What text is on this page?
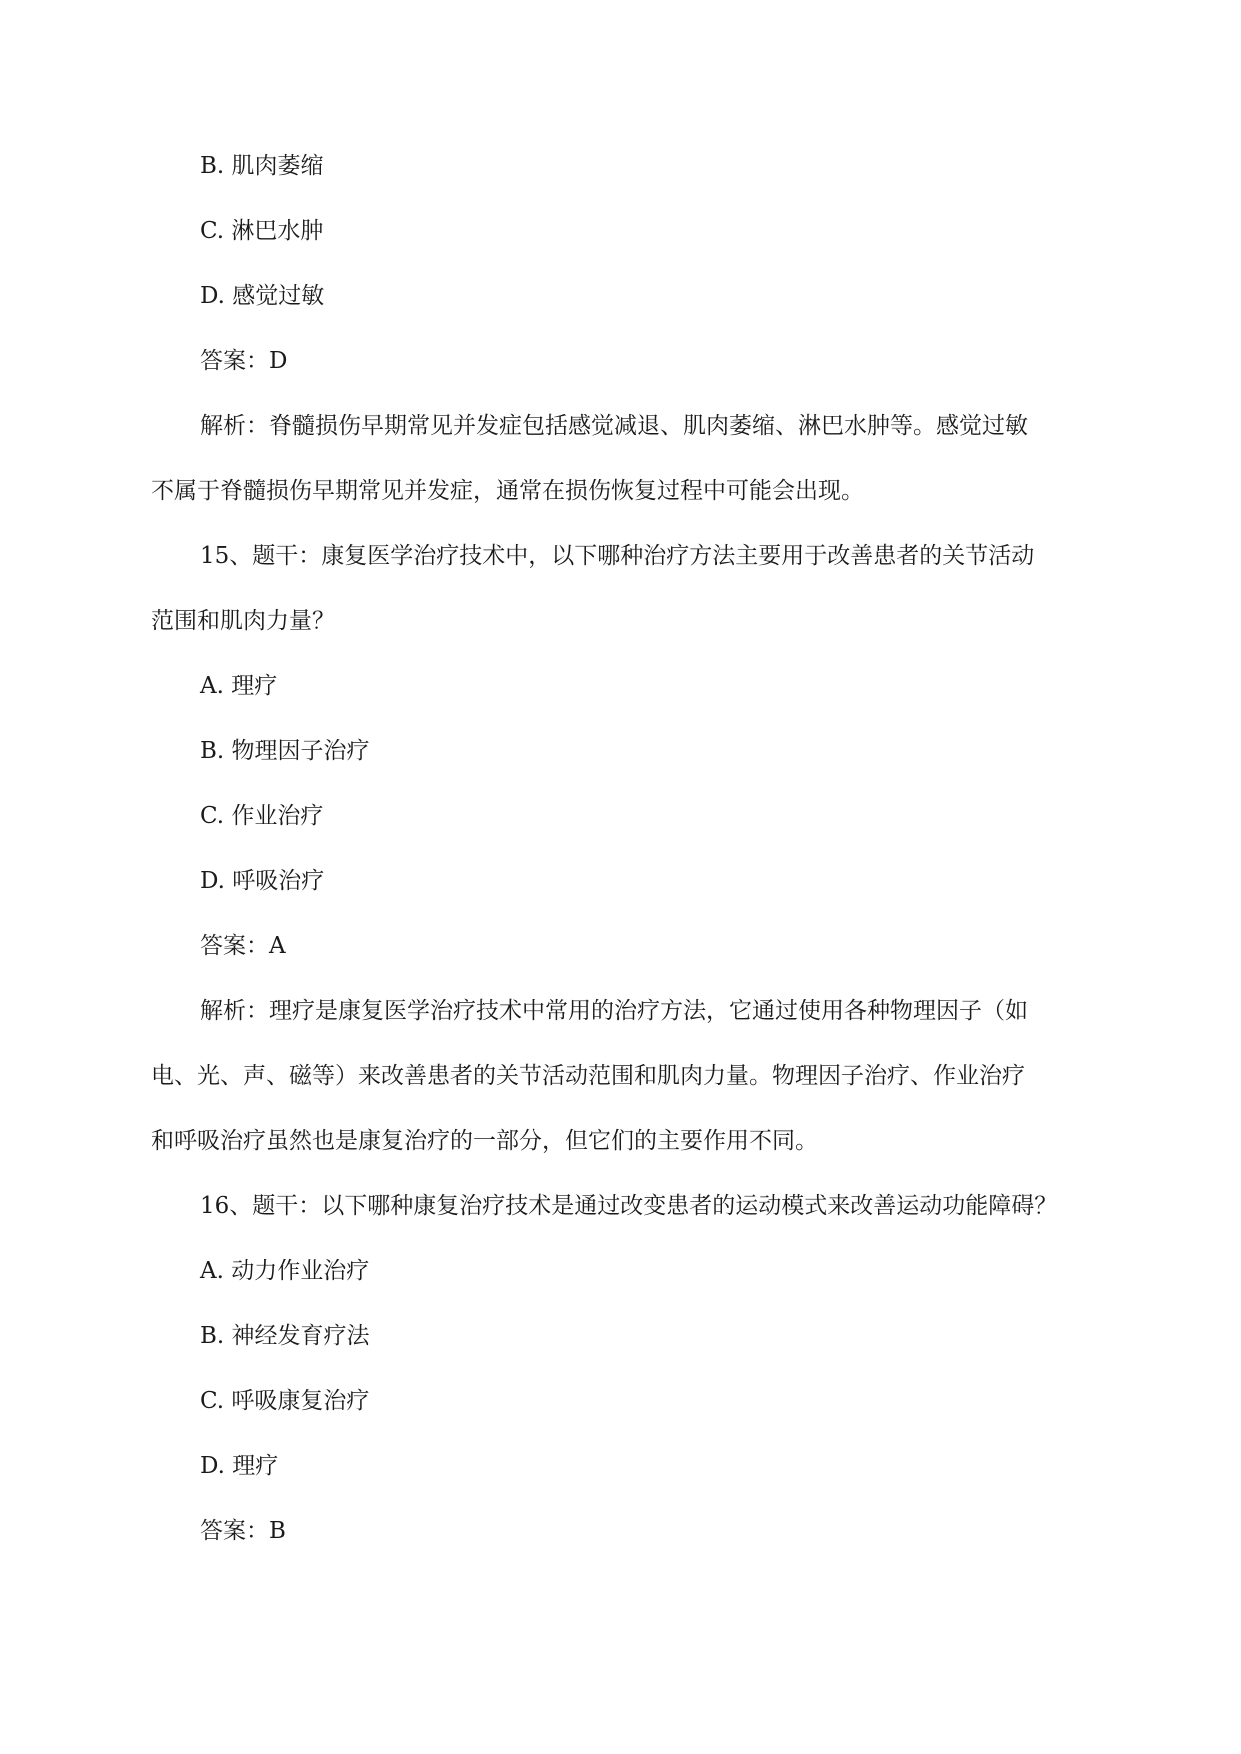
B. 肌肉萎缩
C. 淋巴水肿
D. 感觉过敏
答案：D
解析：脊髓损伤早期常见并发症包括感觉减退、肌肉萎缩、淋巴水肿等。感觉过敏
不属于脊髓损伤早期常见并发症，通常在损伤恢复过程中可能会出现。
15、题干：康复医学治疗技术中，以下哪种治疗方法主要用于改善患者的关节活动
范围和肌肉力量？
A. 理疗
B. 物理因子治疗
C. 作业治疗
D. 呼吸治疗
答案：A
解析：理疗是康复医学治疗技术中常用的治疗方法，它通过使用各种物理因子（如
电、光、声、磁等）来改善患者的关节活动范围和肌肉力量。物理因子治疗、作业治疗
和呼吸治疗虽然也是康复治疗的一部分，但它们的主要作用不同。
16、题干：以下哪种康复治疗技术是通过改变患者的运动模式来改善运动功能障碍？
A. 动力作业治疗
B. 神经发育疗法
C. 呼吸康复治疗
D. 理疗
答案：B
